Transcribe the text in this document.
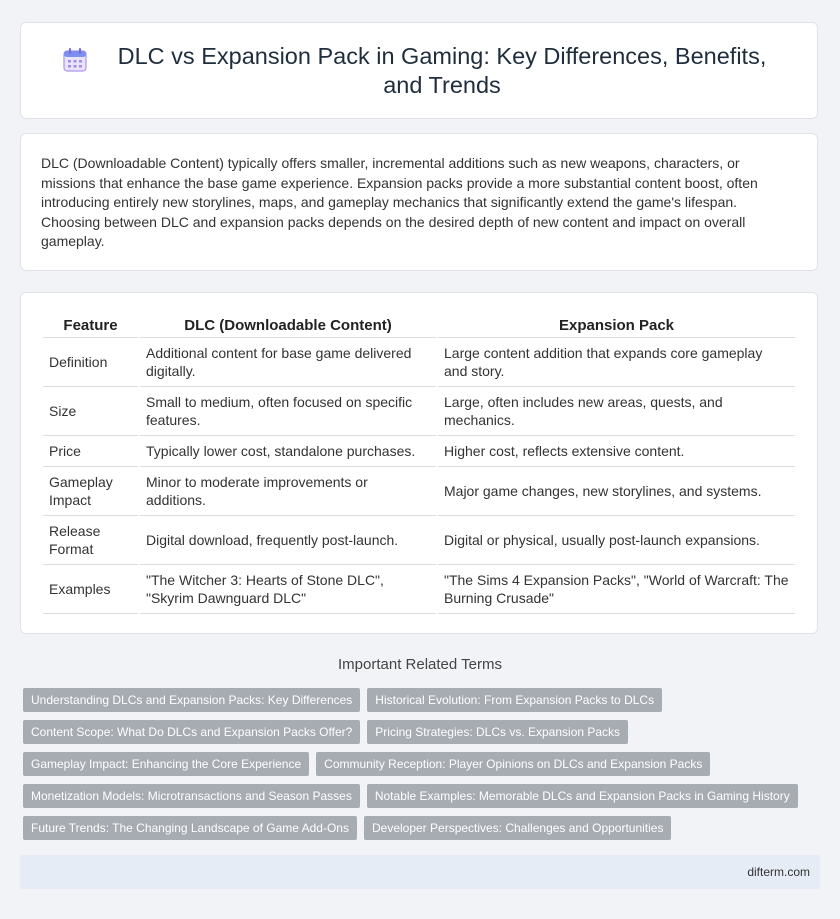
DLC vs Expansion Pack in Gaming: Key Differences, Benefits, and Trends

DLC (Downloadable Content) typically offers smaller, incremental additions such as new weapons, characters, or missions that enhance the base game experience. Expansion packs provide a more substantial content boost, often introducing entirely new storylines, maps, and gameplay mechanics that significantly extend the game's lifespan. Choosing between DLC and expansion packs depends on the desired depth of new content and impact on overall gameplay.

Feature	DLC (Downloadable Content)	Expansion Pack
Definition	Additional content for base game delivered digitally.	Large content addition that expands core gameplay and story.
Size	Small to medium, often focused on specific features.	Large, often includes new areas, quests, and mechanics.
Price	Typically lower cost, standalone purchases.	Higher cost, reflects extensive content.
Gameplay Impact	Minor to moderate improvements or additions.	Major game changes, new storylines, and systems.
Release Format	Digital download, frequently post-launch.	Digital or physical, usually post-launch expansions.
Examples	"The Witcher 3: Hearts of Stone DLC", "Skyrim Dawnguard DLC"	"The Sims 4 Expansion Packs", "World of Warcraft: The Burning Crusade"
Important Related Terms
Understanding DLCs and Expansion Packs: Key Differences	Historical Evolution: From Expansion Packs to DLCs
Content Scope: What Do DLCs and Expansion Packs Offer?	Pricing Strategies: DLCs vs. Expansion Packs
Gameplay Impact: Enhancing the Core Experience	Community Reception: Player Opinions on DLCs and Expansion Packs
Monetization Models: Microtransactions and Season Passes	Notable Examples: Memorable DLCs and Expansion Packs in Gaming History
Future Trends: The Changing Landscape of Game Add-Ons	Developer Perspectives: Challenges and Opportunities
difterm.com
